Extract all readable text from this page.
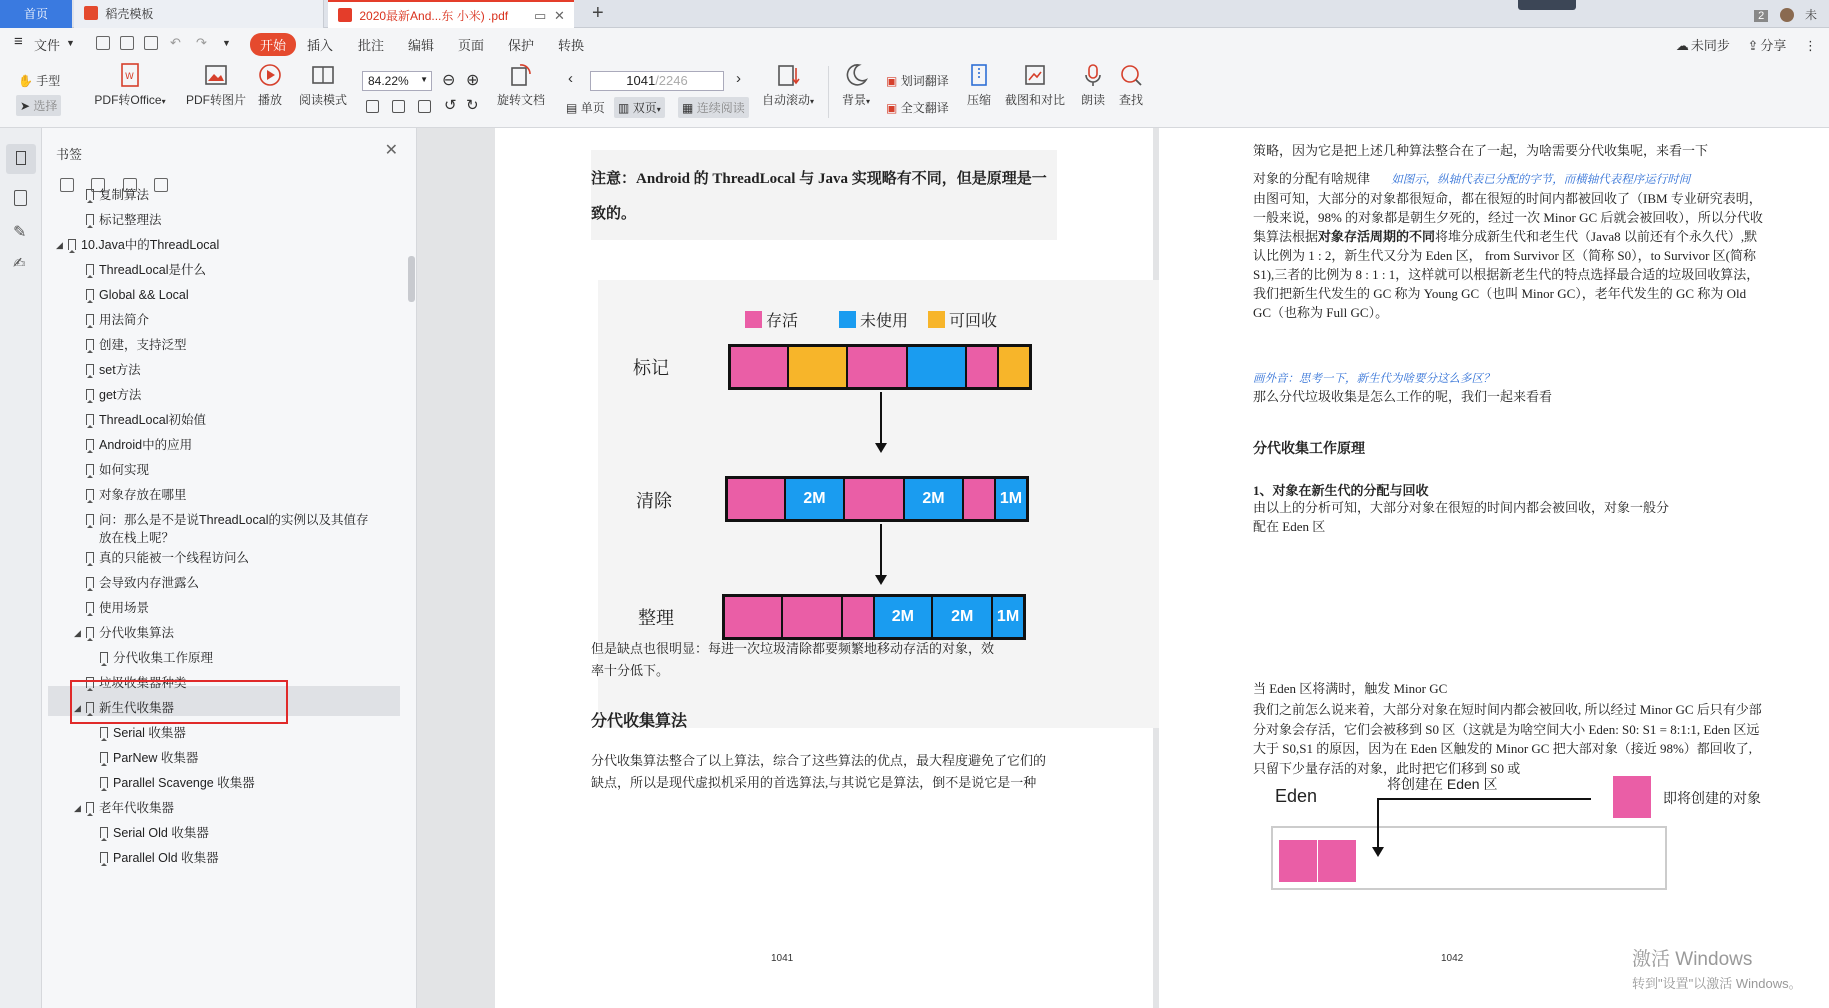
首页	稻壳模板	2020最新And...东 小米) .pdf ▭ ✕ +	2	未
≡ 文件 ▼	↶ ↷ ▼	开始	插入 批注 编辑 页面 保护 转换	☁ 未同步 ⇪ 分享 ⋮
✋ 手型
➤ 选择
W
PDF转Office▾ PDF转图片 播放	阅读模式
84.22% ▼ ⊖ ⊕
↺ ↻ 旋转文档
‹	1041/2246	›
▤ 单页	▥ 双页▾	▦ 连续阅读
自动滚动▾	背景▾
▣ 划词翻译
▣ 全文翻译
压缩	截图和对比	朗读	查找
✎
✍
书签	✕

复制算法
标记整理法
◢ 10.Java中的ThreadLocal
ThreadLocal是什么
Global && Local
用法简介
创建，支持泛型
set方法
get方法
ThreadLocal初始值
Android中的应用
如何实现
对象存放在哪里
问：那么是不是说ThreadLocal的实例以及其值存放在栈上呢？
真的只能被一个线程访问么
会导致内存泄露么
使用场景
◢ 分代收集算法
分代收集工作原理
垃圾收集器种类
◢ 新生代收集器
Serial 收集器
ParNew 收集器
Parallel Scavenge 收集器
◢ 老年代收集器
Serial Old 收集器
Parallel Old 收集器
注意：Android 的 ThreadLocal 与 Java 实现略有不同，但是原理是一致的。
存活	未使用	可回收
标记
清除	2M	2M	1M
整理	2M	2M	1M
但是缺点也很明显：每进一次垃圾清除都要频繁地移动存活的对象，效率十分低下。
分代收集算法
分代收集算法整合了以上算法，综合了这些算法的优点，最大程度避免了它们的缺点，所以是现代虚拟机采用的首选算法,与其说它是算法，倒不是说它是一种
1041
策略，因为它是把上述几种算法整合在了一起，为啥需要分代收集呢，来看一下
对象的分配有啥规律 如图示，纵轴代表已分配的字节，而横轴代表程序运行时间
由图可知，大部分的对象都很短命，都在很短的时间内都被回收了（IBM 专业研究表明，一般来说，98% 的对象都是朝生夕死的，经过一次 Minor GC 后就会被回收），所以分代收集算法根据对象存活周期的不同将堆分成新生代和老生代（Java8 以前还有个永久代）,默认比例为 1 : 2，新生代又分为 Eden 区， from Survivor 区（简称 S0），to Survivor 区(简称 S1),三者的比例为 8 : 1 : 1，这样就可以根据新老生代的特点选择最合适的垃圾回收算法，我们把新生代发生的 GC 称为 Young GC（也叫 Minor GC），老年代发生的 GC 称为 Old GC（也称为 Full GC）。
画外音：思考一下，新生代为啥要分这么多区？
那么分代垃圾收集是怎么工作的呢，我们一起来看看
分代收集工作原理
1、对象在新生代的分配与回收
由以上的分析可知，大部分对象在很短的时间内都会被回收，对象一般分配在 Eden 区
Eden
将创建在 Eden 区
即将创建的对象
当 Eden 区将满时，触发 Minor GC
我们之前怎么说来着，大部分对象在短时间内都会被回收, 所以经过 Minor GC 后只有少部分对象会存活，它们会被移到 S0 区（这就是为啥空间大小 Eden: S0: S1 = 8:1:1, Eden 区远大于 S0,S1 的原因，因为在 Eden 区触发的 Minor GC 把大部对象（接近 98%）都回收了,只留下少量存活的对象，此时把它们移到 S0 或
1042	激活 Windows
转到"设置"以激活 Windows。
